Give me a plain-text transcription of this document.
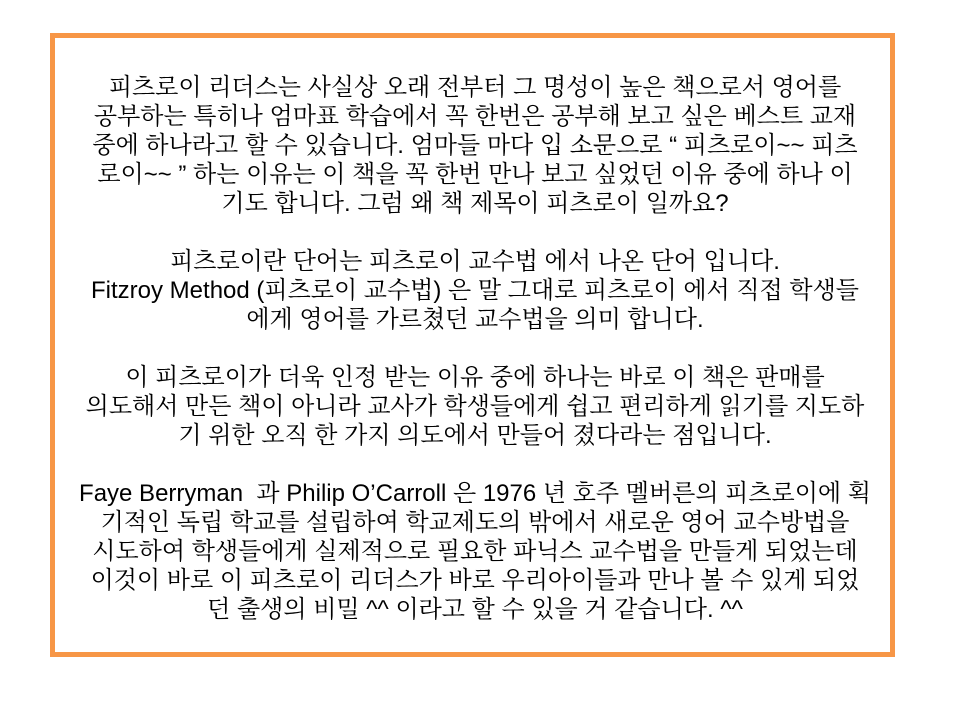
피츠로이 리더스는 사실상 오래 전부터 그 명성이 높은 책으로서 영어를
공부하는 특히나 엄마표 학습에서 꼭 한번은 공부해 보고 싶은 베스트 교재
중에 하나라고 할 수 있습니다. 엄마들 마다 입 소문으로 “ 피츠로이~~ 피츠
로이~~ ” 하는 이유는 이 책을 꼭 한번 만나 보고 싶었던 이유 중에 하나 이
기도 합니다. 그럼 왜 책 제목이 피츠로이 일까요?
피츠로이란 단어는 피츠로이 교수법 에서 나온 단어 입니다.
Fitzroy Method (피츠로이 교수법) 은 말 그대로 피츠로이 에서 직접 학생들
에게 영어를 가르쳤던 교수법을 의미 합니다.
이 피츠로이가 더욱 인정 받는 이유 중에 하나는 바로 이 책은 판매를
의도해서 만든 책이 아니라 교사가 학생들에게 쉽고 편리하게 읽기를 지도하
기 위한 오직 한 가지 의도에서 만들어 졌다라는 점입니다.
Faye Berryman  과 Philip O’Carroll 은 1976 년 호주 멜버른의 피츠로이에 획
기적인 독립 학교를 설립하여 학교제도의 밖에서 새로운 영어 교수방법을
시도하여 학생들에게 실제적으로 필요한 파닉스 교수법을 만들게 되었는데
이것이 바로 이 피츠로이 리더스가 바로 우리아이들과 만나 볼 수 있게 되었
던 출생의 비밀 ^^ 이라고 할 수 있을 거 같습니다. ^^
